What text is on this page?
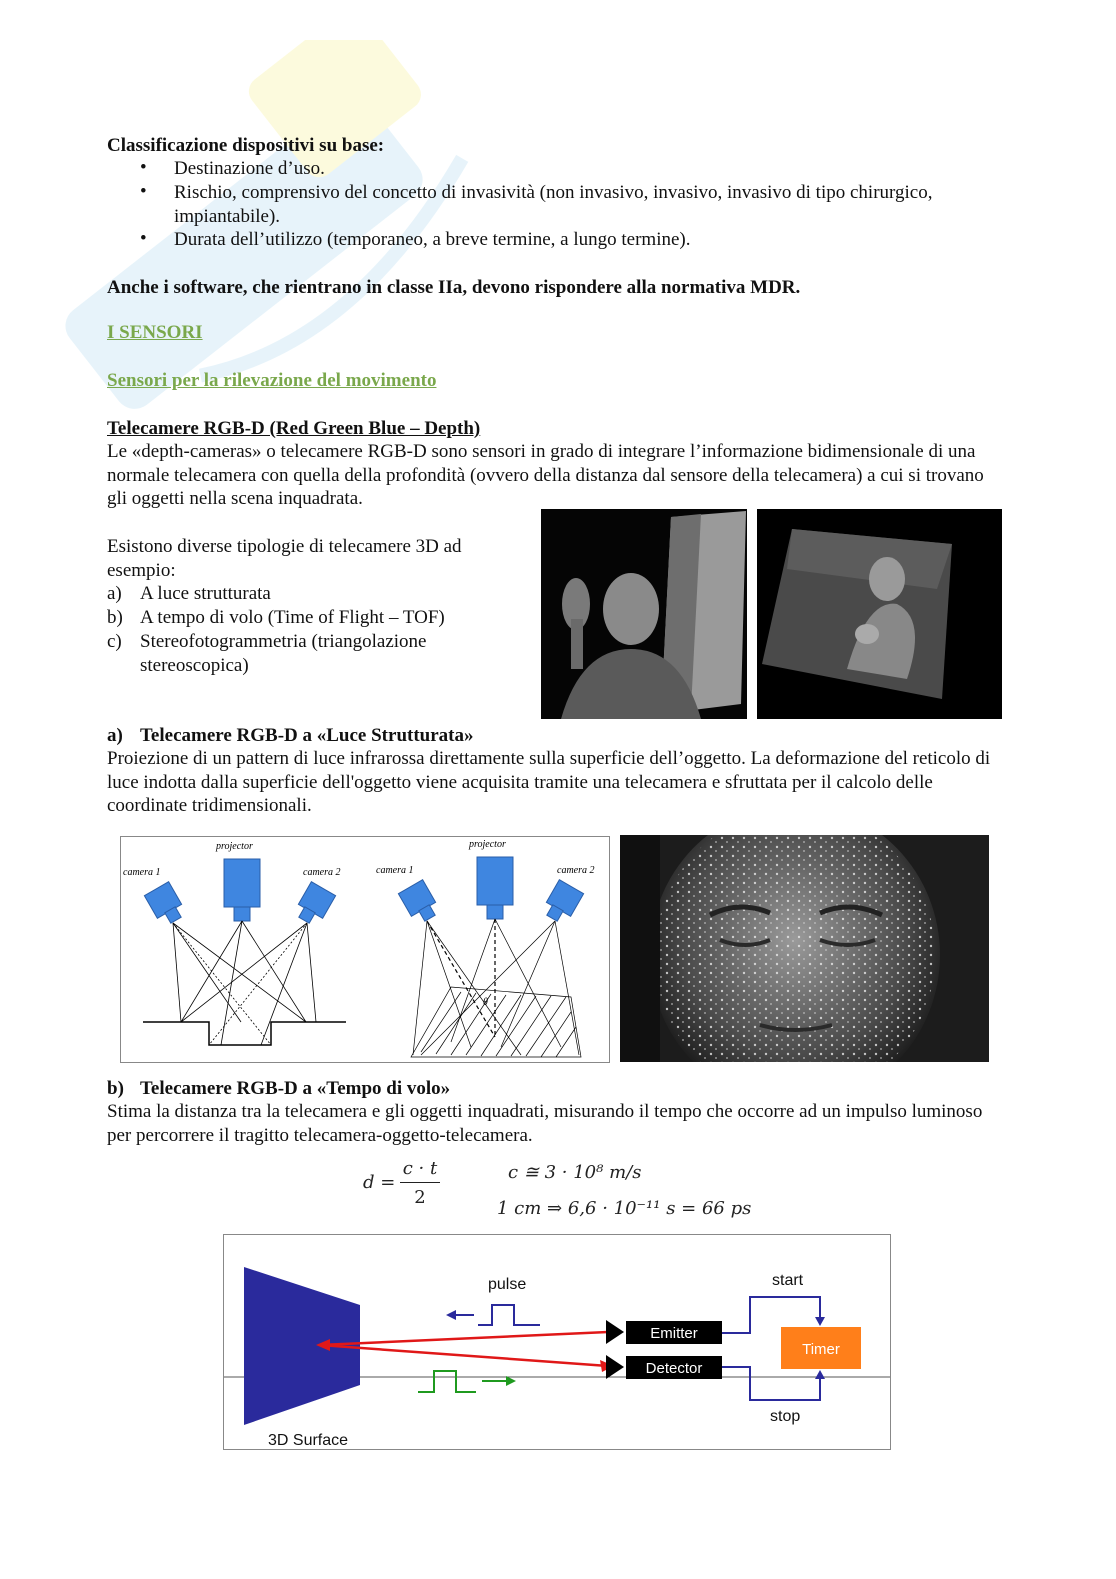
Classificazione dispositivi su base:
• Destinazione d’uso.
• Rischio, comprensivo del concetto di invasività (non invasivo, invasivo, invasivo di tipo chirurgico, impiantabile).
• Durata dell’utilizzo (temporaneo, a breve termine, a lungo termine).
Anche i software, che rientrano in classe IIa, devono rispondere alla normativa MDR.
I SENSORI
Sensori per la rilevazione del movimento
Telecamere RGB-D (Red Green Blue – Depth)
Le «depth-cameras» o telecamere RGB-D sono sensori in grado di integrare l’informazione bidimensionale di una normale telecamera con quella della profondità (ovvero della distanza dal sensore della telecamera) a cui si trovano gli oggetti nella scena inquadrata.
Esistono diverse tipologie di telecamere 3D ad esempio:
a) A luce strutturata
b) A tempo di volo (Time of Flight – TOF)
c) Stereofotogrammetria (triangolazione stereoscopica)
a) Telecamere RGB-D a «Luce Strutturata»
Proiezione di un pattern di luce infrarossa direttamente sulla superficie dell’oggetto. La deformazione del reticolo di luce indotta dalla superficie dell'oggetto viene acquisita tramite una telecamera e sfruttata per il calcolo delle coordinate tridimensionali.
camera 1
projector
camera 2	camera 1
projector
camera 2
θ
b) Telecamere RGB-D a «Tempo di volo»
Stima la distanza tra la telecamera e gli oggetti inquadrati, misurando il tempo che occorre ad un impulso luminoso per percorrere il tragitto telecamera-oggetto-telecamera.
d =
c · t
2
c ≅ 3 · 10⁸ m/s
1 cm ⇒ 6,6 · 10⁻¹¹ s = 66 ps
3D Surface
pulse
Emitter
Detector
start
stop
Timer
